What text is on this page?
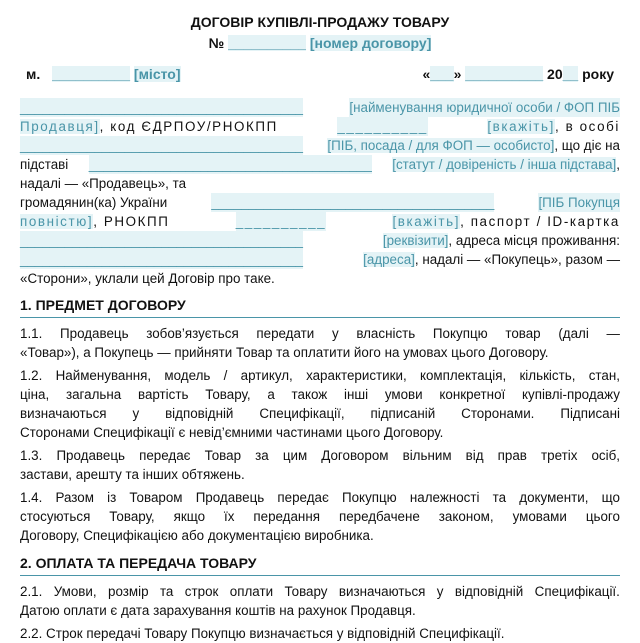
ДОГОВІР КУПІВЛІ-ПРОДАЖУ ТОВАРУ
№ __________ [номер договору]
м. __________ [місто]	«___» __________ 20__ року
______________________________________	[найменування юридичної особи / ФОП ПІБ
Продавця], код ЄДРПОУ/РНОКПП	__________	[вкажіть], в особі
______________________________________ [ПІБ, посада / для ФОП — особисто], що діє на
підставі ______________________________________ [статут / довіреність / інша підстава],
надалі — «Продавець», та
громадянин(ка) України	______________________________________	[ПІБ Покупця
повністю], РНОКПП	__________	[вкажіть], паспорт / ID-картка
______________________________________	[реквізити], адреса місця проживання:
______________________________________	[адреса], надалі — «Покупець», разом —
«Сторони», уклали цей Договір про таке.
1. ПРЕДМЕТ ДОГОВОРУ
1.1. Продавець зобов’язується передати у власність Покупцю товар (далі —
«Товар»), а Покупець — прийняти Товар та оплатити його на умовах цього Договору.
1.2. Найменування, модель / артикул, характеристики, комплектація, кількість, стан,
ціна, загальна вартість Товару, а також інші умови конкретної купівлі-продажу
визначаються у відповідній Специфікації, підписаній Сторонами. Підписані
Сторонами Специфікації є невід’ємними частинами цього Договору.
1.3. Продавець передає Товар за цим Договором вільним від прав третіх осіб,
застави, арешту та інших обтяжень.
1.4. Разом із Товаром Продавець передає Покупцю належності та документи, що
стосуються Товару, якщо їх передання передбачене законом, умовами цього
Договору, Специфікацією або документацією виробника.
2. ОПЛАТА ТА ПЕРЕДАЧА ТОВАРУ
2.1. Умови, розмір та строк оплати Товару визначаються у відповідній Специфікації.
Датою оплати є дата зарахування коштів на рахунок Продавця.
2.2. Строк передачі Товару Покупцю визначається у відповідній Специфікації.
